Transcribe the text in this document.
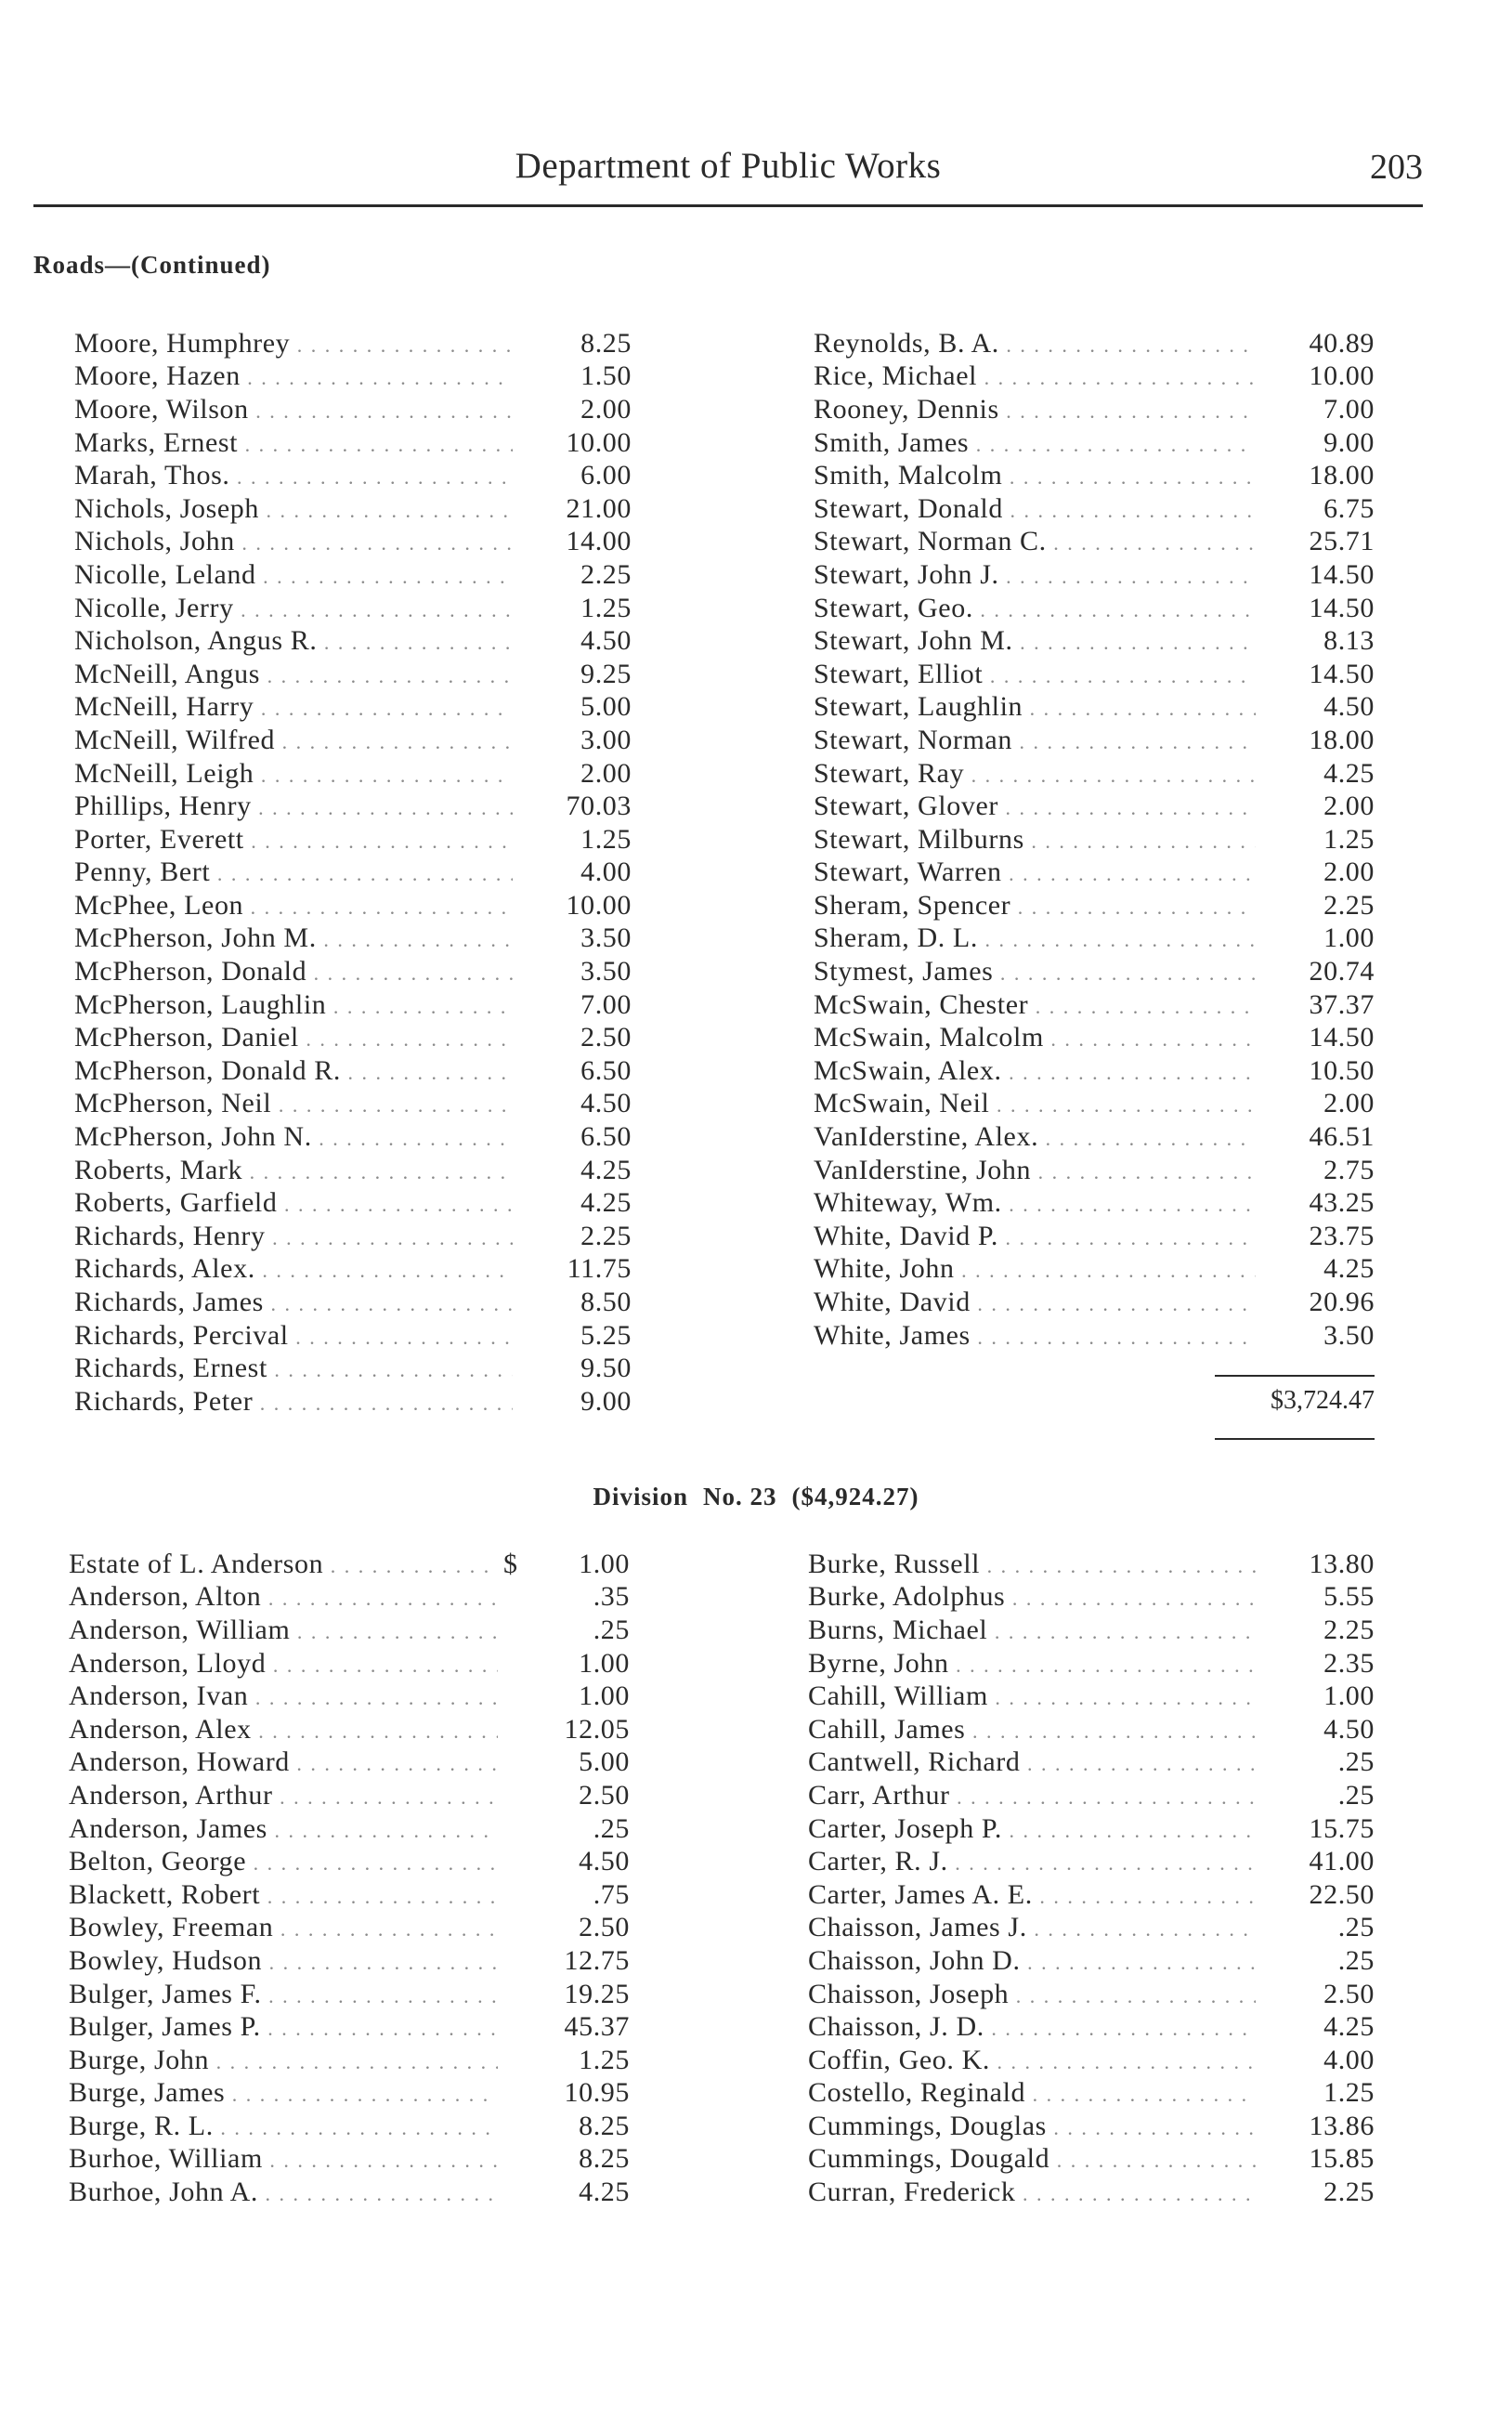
Department of Public Works	203
Roads—(Continued)
Moore, Humphrey . . .	8.25
Moore, Hazen . . .	1.50
Moore, Wilson . . .	2.00
Marks, Ernest . . .	10.00
Marah, Thos. . . .	6.00
Nichols, Joseph . . .	21.00
Nichols, John . . .	14.00
Nicolle, Leland . . .	2.25
Nicolle, Jerry . . .	1.25
Nicholson, Angus R. . . .	4.50
McNeill, Angus . . .	9.25
McNeill, Harry . . .	5.00
McNeill, Wilfred . . .	3.00
McNeill, Leigh . . .	2.00
Phillips, Henry . . .	70.03
Porter, Everett . . .	1.25
Penny, Bert . . .	4.00
McPhee, Leon . . .	10.00
McPherson, John M. . . .	3.50
McPherson, Donald . . .	3.50
McPherson, Laughlin . . .	7.00
McPherson, Daniel . . .	2.50
McPherson, Donald R. . . .	6.50
McPherson, Neil . . .	4.50
McPherson, John N. . . .	6.50
Roberts, Mark . . .	4.25
Roberts, Garfield . . .	4.25
Richards, Henry . . .	2.25
Richards, Alex. . . .	11.75
Richards, James . . .	8.50
Richards, Percival . . .	5.25
Richards, Ernest . . .	9.50
Richards, Peter . . .	9.00
Reynolds, B. A. . . .	40.89
Rice, Michael . . .	10.00
Rooney, Dennis . . .	7.00
Smith, James . . .	9.00
Smith, Malcolm . . .	18.00
Stewart, Donald . . .	6.75
Stewart, Norman C. . . .	25.71
Stewart, John J. . . .	14.50
Stewart, Geo. . . .	14.50
Stewart, John M. . . .	8.13
Stewart, Elliot . . .	14.50
Stewart, Laughlin . . .	4.50
Stewart, Norman . . .	18.00
Stewart, Ray . . .	4.25
Stewart, Glover . . .	2.00
Stewart, Milburns . . .	1.25
Stewart, Warren . . .	2.00
Sheram, Spencer . . .	2.25
Sheram, D. L. . . .	1.00
Stymest, James . . .	20.74
McSwain, Chester . . .	37.37
McSwain, Malcolm . . .	14.50
McSwain, Alex. . . .	10.50
McSwain, Neil . . .	2.00
VanIderstine, Alex. . . .	46.51
VanIderstine, John . . .	2.75
Whiteway, Wm. . . .	43.25
White, David P. . . .	23.75
White, John . . .	4.25
White, David . . .	20.96
White, James . . .	3.50
$3,724.47
Division No. 23 ($4,924.27)
Estate of L. Anderson . . .	$	1.00
Anderson, Alton . . .	.35
Anderson, William . . .	.25
Anderson, Lloyd . . .	1.00
Anderson, Ivan . . .	1.00
Anderson, Alex . . .	12.05
Anderson, Howard . . .	5.00
Anderson, Arthur . . .	2.50
Anderson, James . . .	.25
Belton, George . . .	4.50
Blackett, Robert . . .	.75
Bowley, Freeman . . .	2.50
Bowley, Hudson . . .	12.75
Bulger, James F. . . .	19.25
Bulger, James P. . . .	45.37
Burge, John . . .	1.25
Burge, James . . .	10.95
Burge, R. L. . . .	8.25
Burhoe, William . . .	8.25
Burhoe, John A. . . .	4.25
Burke, Russell . . .	13.80
Burke, Adolphus . . .	5.55
Burns, Michael . . .	2.25
Byrne, John . . .	2.35
Cahill, William . . .	1.00
Cahill, James . . .	4.50
Cantwell, Richard . . .	.25
Carr, Arthur . . .	.25
Carter, Joseph P. . . .	15.75
Carter, R. J. . . .	41.00
Carter, James A. E. . . .	22.50
Chaisson, James J. . . .	.25
Chaisson, John D. . . .	.25
Chaisson, Joseph . . .	2.50
Chaisson, J. D. . . .	4.25
Coffin, Geo. K. . . .	4.00
Costello, Reginald . . .	1.25
Cummings, Douglas . . .	13.86
Cummings, Dougald . . .	15.85
Curran, Frederick . . .	2.25
